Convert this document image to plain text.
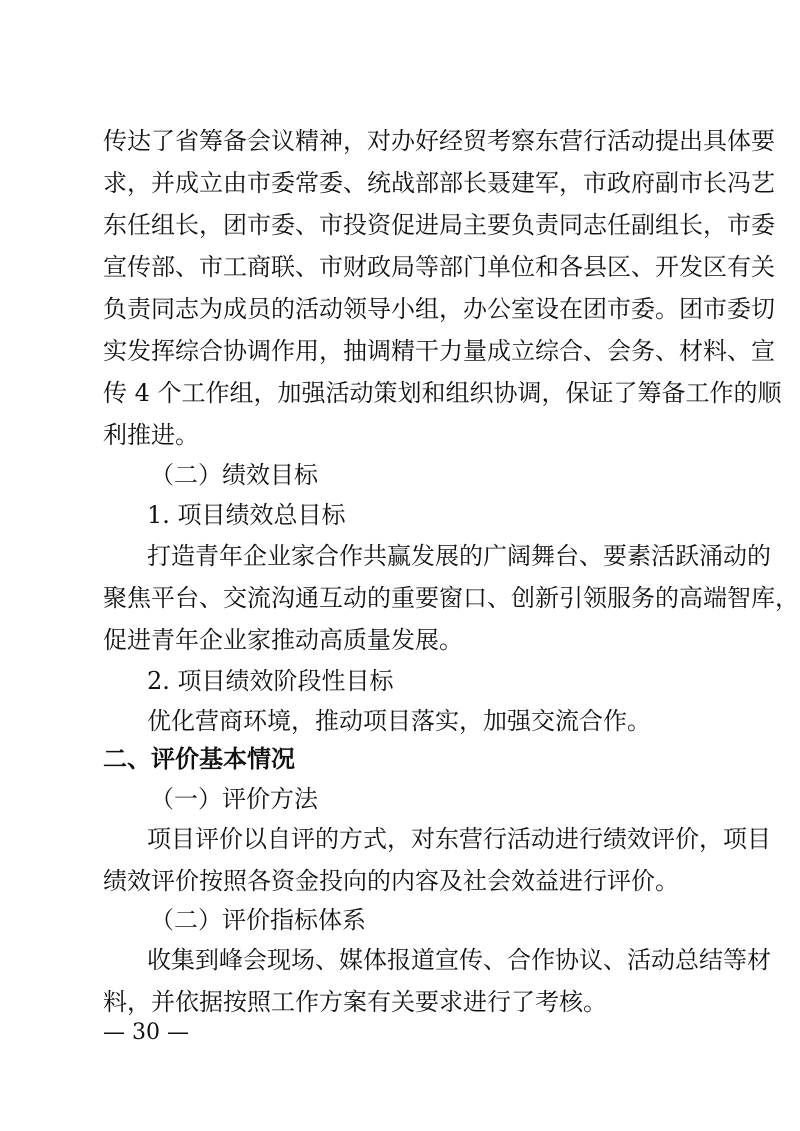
传达了省筹备会议精神，对办好经贸考察东营行活动提出具体要

求，并成立由市委常委、统战部部长聂建军，市政府副市长冯艺

东任组长，团市委、市投资促进局主要负责同志任副组长，市委

宣传部、市工商联、市财政局等部门单位和各县区、开发区有关

负责同志为成员的活动领导小组，办公室设在团市委。团市委切

实发挥综合协调作用，抽调精干力量成立综合、会务、材料、宣

传 4 个工作组，加强活动策划和组织协调，保证了筹备工作的顺

利推进。

（二）绩效目标

1. 项目绩效总目标

打造青年企业家合作共赢发展的广阔舞台、要素活跃涌动的

聚焦平台、交流沟通互动的重要窗口、创新引领服务的高端智库，

促进青年企业家推动高质量发展。

2. 项目绩效阶段性目标

优化营商环境，推动项目落实，加强交流合作。

二、评价基本情况

（一）评价方法

项目评价以自评的方式，对东营行活动进行绩效评价，项目

绩效评价按照各资金投向的内容及社会效益进行评价。

（二）评价指标体系

收集到峰会现场、媒体报道宣传、合作协议、活动总结等材

料，并依据按照工作方案有关要求进行了考核。

— 30 —
